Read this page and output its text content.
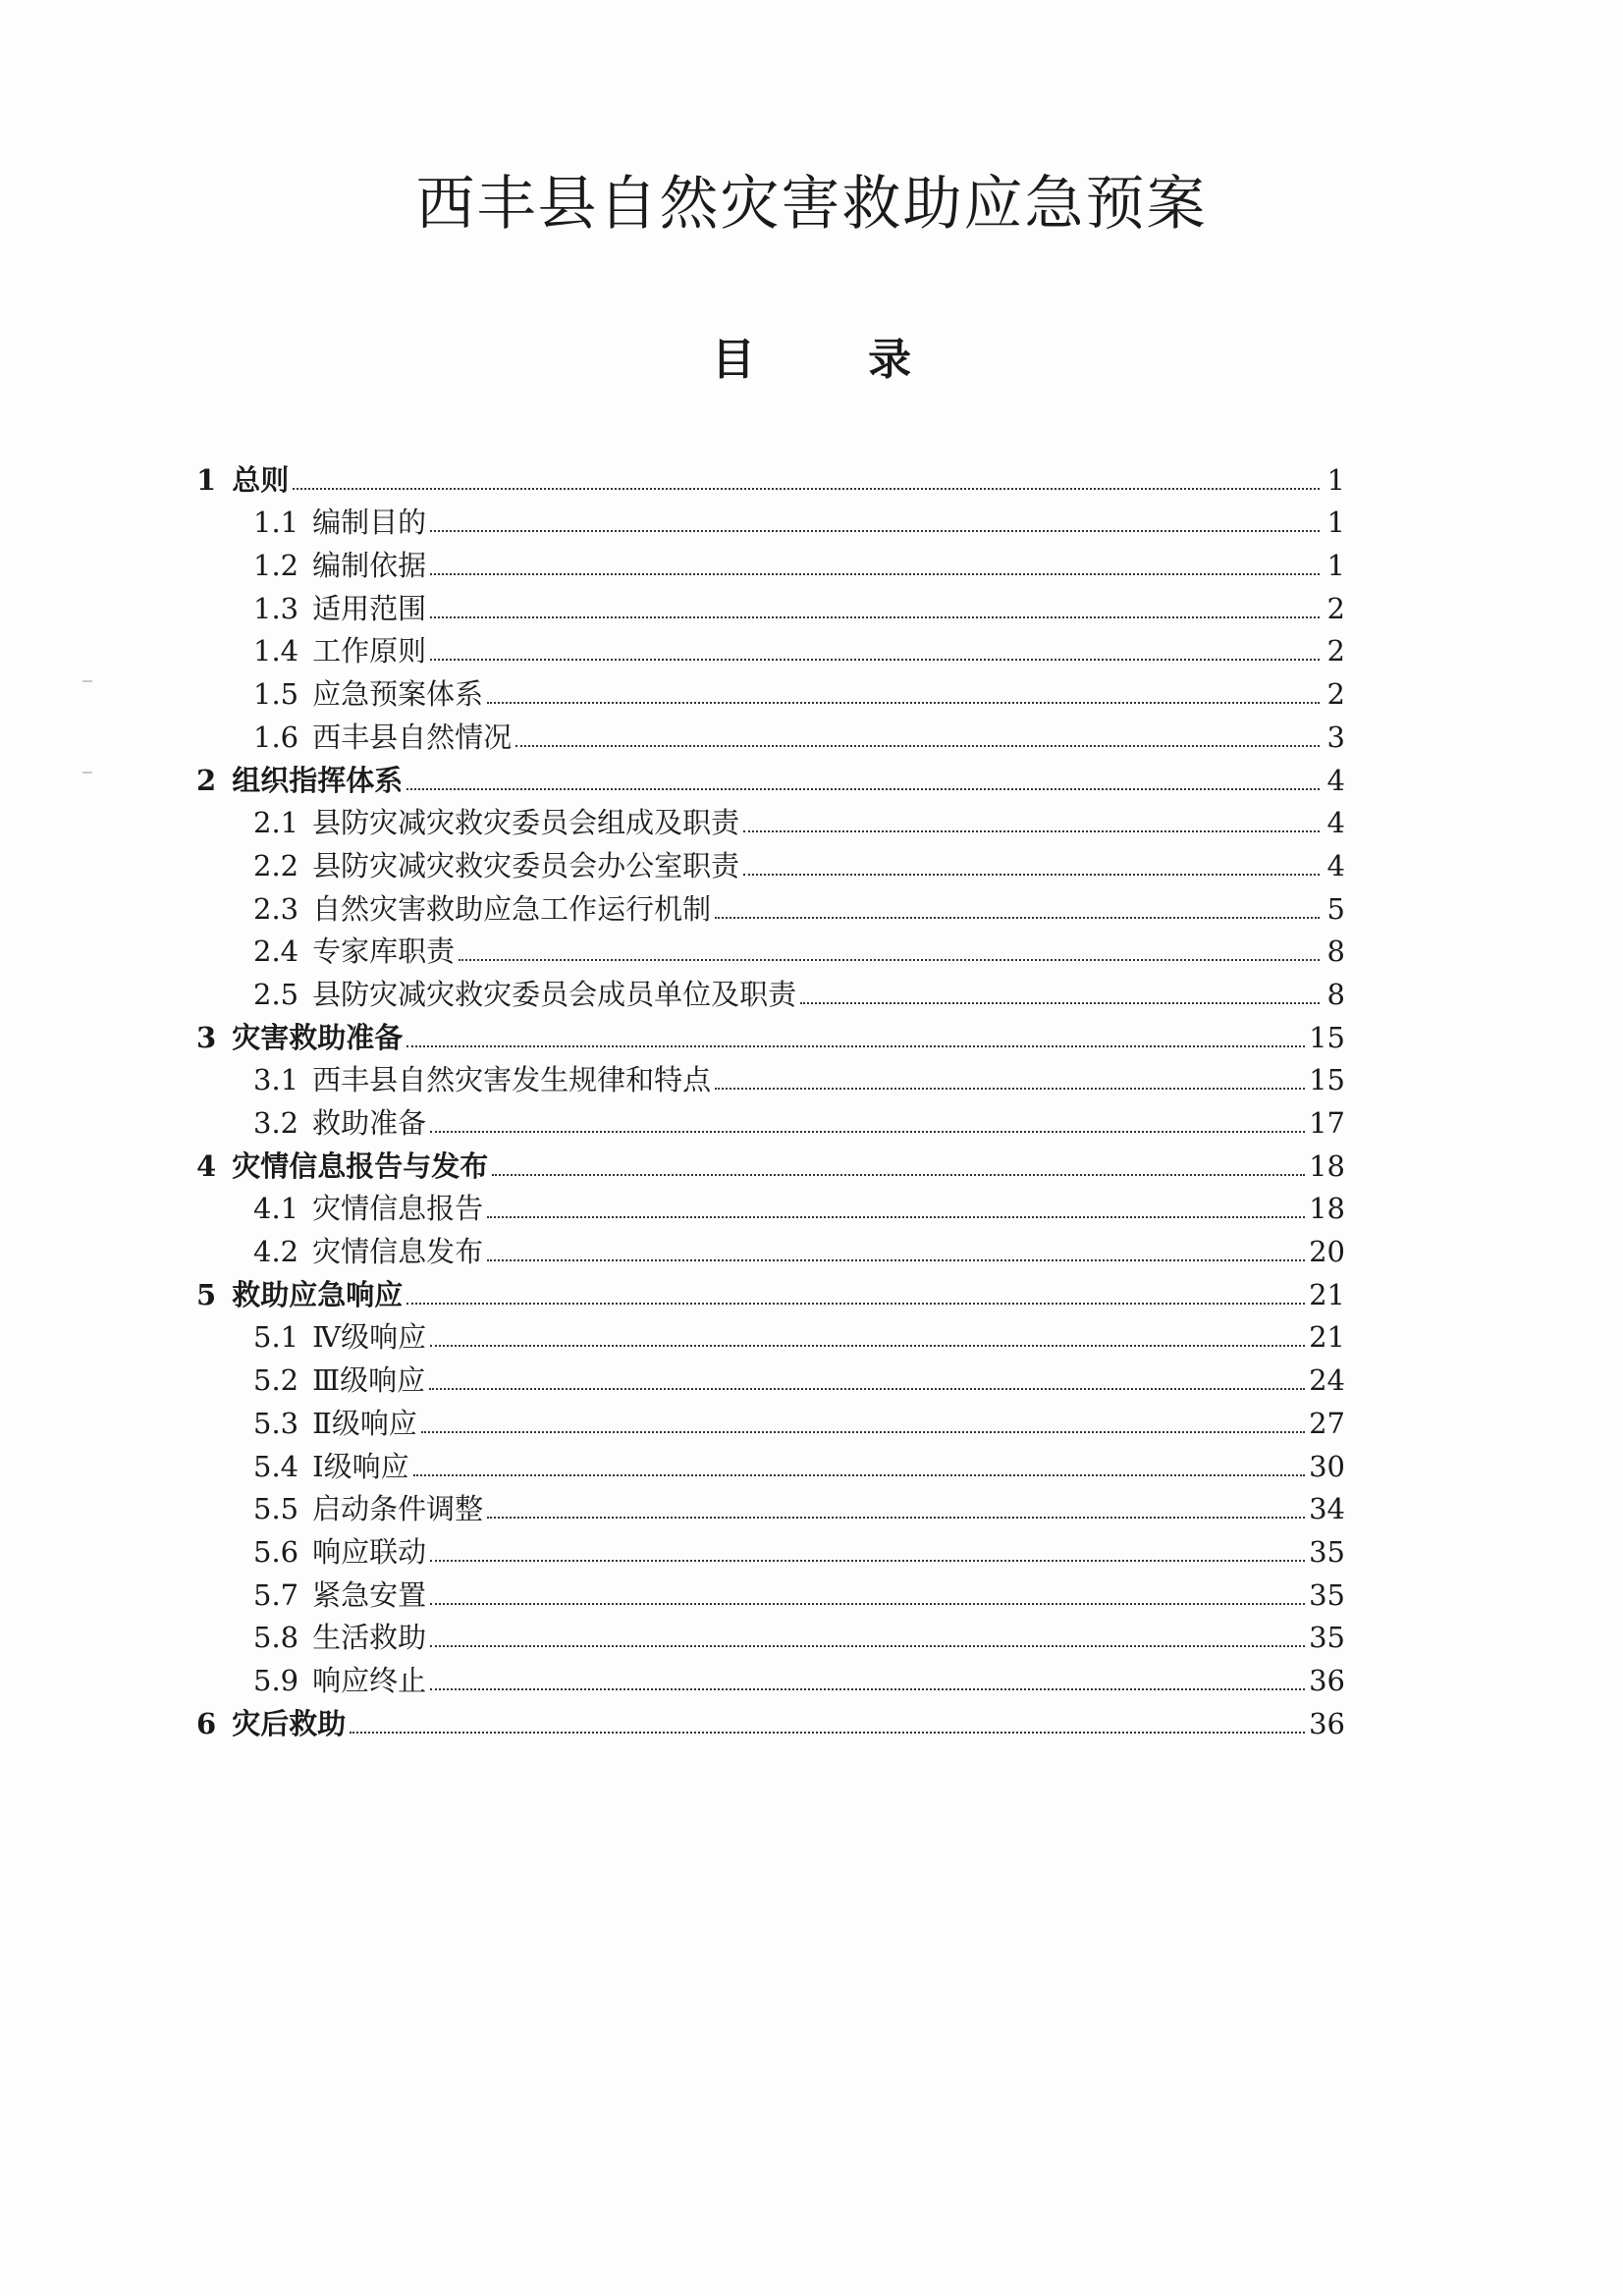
西丰县自然灾害救助应急预案
目 录
1 总则	1
1.1 编制目的	1
1.2 编制依据	1
1.3 适用范围	2
1.4 工作原则	2
1.5 应急预案体系	2
1.6 西丰县自然情况	3
2 组织指挥体系	4
2.1 县防灾减灾救灾委员会组成及职责	4
2.2 县防灾减灾救灾委员会办公室职责	4
2.3 自然灾害救助应急工作运行机制	5
2.4 专家库职责	8
2.5 县防灾减灾救灾委员会成员单位及职责	8
3 灾害救助准备	15
3.1 西丰县自然灾害发生规律和特点	15
3.2 救助准备	17
4 灾情信息报告与发布	18
4.1 灾情信息报告	18
4.2 灾情信息发布	20
5 救助应急响应	21
5.1 Ⅳ级响应	21
5.2 Ⅲ级响应	24
5.3 Ⅱ级响应	27
5.4 Ⅰ级响应	30
5.5 启动条件调整	34
5.6 响应联动	35
5.7 紧急安置	35
5.8 生活救助	35
5.9 响应终止	36
6 灾后救助	36
